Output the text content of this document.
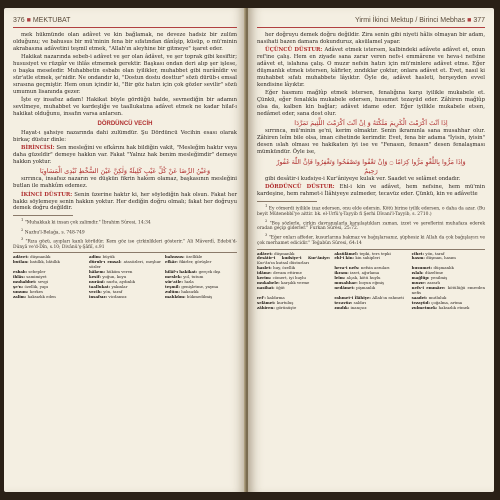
376 ■ MEKTUBAT

mek hükmünde olan adâvet ve kin bağlamak, ne deveze hadsiz bir zulüm olduğunu; ve bahusus bir mü'minin fena bir sıfatından dânîşip, küsüp, o mü'minin akrabasına adâvetini teşmil etmek, "Allah'ın aleyhine bir gitmeye" işaret eder.

Hakikat nazarında sebeb-i adâvet ve şer olan âdâvet, ve şer toprak gibi kesiftir; hususiyet ve rüzgâr ve ihlâs etmemek gerektir. Başkası ondan deri alıp şer işlese, o başka meseledir. Muhabbetin esbabı olan iyilikler, muhabbet gibi nurânîdir ve sür'atle etmek, şe'nidir. Ne ondandır ki, "Dostun dostu dosttur" sözü dürüb-ı emsal sırasına geçmiştir. Hem onun içindir ki, "Bir göz hatırı için çok gözler sevilir" sözü umumun lisanında gezer.

İşte ey insafsız adam! Hakikat böyle gördüğü halde, sevmediğin bir adamın sevilmeye, muhabbet ve kardeşliğe ve taallukatına adâvet etmek ne kadar hilaf-ı hakikat olduğunu, insafın varsa anlarsın.

DÖRDÜNCÜ VECİH

Hayat-ı şahsiye nazarında dahi zulümdür. Şu Dördüncü Vecihin esası olarak birkaç düstur dinle:

BİRİNCİSİ: Sen mesleğini ve efkârını hak bildiğin vakit, "Mesleğim haktır veya daha güzeldir" demeye hakkın var. Fakat "Yalnız hak benim mesleğimdir" demeye hakkın yoktur.

وَعَيْنُ الرِّضَا عَنْ كُلِّ عَيْبٍ كَلِيلَةٌ وَلٰكِنَّ عَيْنَ السُّخْطِ تُبْدِى الْمَسَاوِيَا

sırrınca, insafsız nazarın ve düşkün fikrin hakem olamaz, başkasının mesleğini butlan ile mahkûm edemez.

İKİNCİ DÜSTUR: Senin üzerine haktır ki, her söylediğin hak olsun. Fakat her hakkı söylemeye senin hakkın yoktur. Her dediğin doğru olmalı; fakat her doğruyu demek doğru değildir.

$^1$ "Muhakkak ki insan çok zalimdir." İbrahim Sûresi, 14:34

$^2$ Nazhu'l-Belağa, s. 748-749

$^3$ "Rıza gözü, ayıpları kanlı körü̈dür. Kem göz ise çirkinlikleri gösterir." Ali Mâverdî, Edebü'd-Dünyâ ve'd-Dîn, s.10; Divânü'ş-Şâfiî, s.91

adâvet: düşmanlık	adîm: büyük	bahusus: özellikle
butlan: batıllık, bâtıllık	dürub-ı emsal: atasözleri, meşhur sözler
efkâr: fikirler, görüşler
esbab: sebepler	hâkem: hüküm veren	hilâf-ı hakikat: gerçek dışı
ihlâs: samimiyet	kesif: yoğun, koyu	meslek: yol, tutum
muhabbet: sevgi	nurânî: nurlu, aydınlık	sür'atle: hızla
şe'n: özellik, yapı	taallukat: yakınlar	teşmil: genişletme, yayma
umum: herkes	vecih: yön, taraf	zulüm: haksızlık
zalim: haksızlık eden	insafsız: vicdansız	mahkûm: hükmedilmiş
Yirmi İkinci Mektup / Birinci Mebhas ■ 377

her doğruyu demek doğru değildir. Zira senin gibi niyeti hâlis olmayan bir adam, nasihati bazen damara dokunduruz, aksülamel yapar.

ÜÇÜNCÜ DÜSTUR: Adâvet etmek istersen, kalbindeki adâvete adâvet et, onun ref'ine çalış. Hem en ziyade sana zarar veren nefs-i emmârene ve heva-i nefsine adâvet et, islahına çalış. O muzır nefsin hatırı için mü'minlere adâvet etme. Eğer düşmanlık etmek istersen, kâfirler, zındıklar çoktur, onlara adâvet et. Evet, nasıl ki muhabbet sıfatı muhabbete lâyıktır. Öyle de, adâvet hasleti, herşeyden evvel kendisine lâyıktır.

Eğer hasmını mağlûp etmek istersen, fenalığına karşı iyilikle mukabele et. Çünkü, eğer fenalıkla mukabele edersen, husumet tezayüd eder. Zâhiren mağlûp olsa da, kalben kin bağlar; adâvet idame eder. Eğer iyilikle mukabele etsen, nedâmet eder, sana dost olur.

اِذَا اَنْتَ اَكْرَمْتَ الْكَرِيمَ مَلَكْتَهُ وَ اِنْ اَنْتَ اَكْرَمْتَ اللَّئِيمَ تَمَرَّدَا

sırrınca, mü'minin şe'ni, kerim olmaktır. Senin ikramınla sana musahhar olur. Zâhiren leîm bile olsa, iman cihetinde kerimdir. Evet, fena bir adama "İyisin, iyisin" desen ıslah olması ve hakikaten iyi ise ve "Fenasın, fenasın" desen fenalaşması mümkündür. Öyle ise,

وَاِذَا مَرُّوا بِاللَّغْوِ مَرُّوا كِرَامًا ۝ وَاِنْ تَعْفُوا وَتَصْفَحُوا وَتَغْفِرُوا فَاِنَّ اللّٰهَ غَفُورٌ
رَحِيمٌ

gibi desâtir-i kudsiye-i Kur'âniyeye kulak ver. Saadet ve selâmet ondadır.

DÖRDÜNCÜ DÜSTUR: Ehl-i kin ve adâvet, hem nefsine, hem mü'min kardeşine, hem rahmet-i İlâhiyeye zulmeder, tecavüz eder. Çünkü, kin ve adâvette

$^1$ Ey cömerdi iyilikle izaz edersen, onu elde edersin. Kötü birine iyilik edersen, o daha da azar. (Bu beyit Mütenebbî'ye aittir. bk. el-Urfü'ş-Tayyib fi Şerhi Dîvani'l-Tayyib, s. 2710.)

$^2$ "Boş sözlerle, çirkin davranışlarla karşılaştıkları zaman, izzet ve şereflerini muhafaza ederek oradan geçip giderler." Furkan Sûresi, 25:72.

$^3$ "Eğer onları affeder, kusurlarına bakmaz ve bağışlarsanız, şüphesiz ki Allah da çok bağışlayıcı ve çok merhamet edicidir." Teğabün Sûresi, 64:14

adâvet: düşmanlık	aksülâmel: tepki, ters tepki	cihet: yön, taraf
desâtir-i kudsiye-i Kur'âniye: Kur'ân'ın kutsal düsturları
ehl-i kin: kin sahipleri	hasm: düşman, hasım
haslet: huy, özellik	heva-i nefs: nefsin arzuları	husumet: düşmanlık
idâme: devam ettirme	ikram: izzet, ağırlama	ıslah: düzeltme
kerim: cömert, iyi huylu	leîm: alçak, kötü huylu	mağlûp: yenilmiş
mukabele: karşılık verme	musahhar: boyun eğmiş	muzır: zararlı
nasihat: öğüt	nedâmet: pişmanlık	nefs-i emmâre: kötülüğü emreden nefis
ref': kaldırma	rahmet-i İlâhiye: Allah'ın rahmeti	saadet: mutluluk
selâmet: kurtuluş	tecavüz: saldırı	tezayüd: çoğalma, artma
zâhiren: görünüşte	zındık: inançsız	zulmetmek: haksızlık etmek
